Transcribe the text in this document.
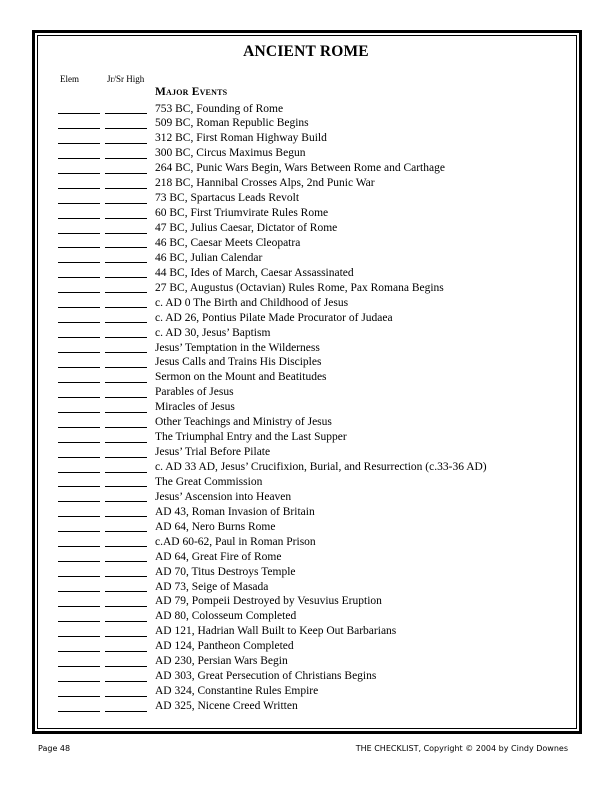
ANCIENT ROME
Elem	Jr/Sr High
Major Events
753 BC, Founding of Rome
509 BC, Roman Republic Begins
312 BC, First Roman Highway Build
300 BC, Circus Maximus Begun
264 BC, Punic Wars Begin, Wars Between Rome and Carthage
218 BC, Hannibal Crosses Alps, 2nd Punic War
73 BC, Spartacus Leads Revolt
60 BC, First Triumvirate Rules Rome
47 BC, Julius Caesar, Dictator of Rome
46 BC, Caesar Meets Cleopatra
46 BC, Julian Calendar
44 BC, Ides of March, Caesar Assassinated
27 BC, Augustus (Octavian) Rules Rome, Pax Romana Begins
c. AD 0 The Birth and Childhood of Jesus
c. AD 26, Pontius Pilate Made Procurator of Judaea
c. AD 30, Jesus’ Baptism
Jesus’ Temptation in the Wilderness
Jesus Calls and Trains His Disciples
Sermon on the Mount and Beatitudes
Parables of Jesus
Miracles of Jesus
Other Teachings and Ministry of Jesus
The Triumphal Entry and the Last Supper
Jesus’ Trial Before Pilate
c. AD 33 AD, Jesus’ Crucifixion, Burial, and Resurrection (c.33-36 AD)
The Great Commission
Jesus’ Ascension into Heaven
AD 43, Roman Invasion of Britain
AD 64, Nero Burns Rome
c.AD 60-62, Paul in Roman Prison
AD 64, Great Fire of Rome
AD 70, Titus Destroys Temple
AD 73, Seige of Masada
AD 79, Pompeii Destroyed by Vesuvius Eruption
AD 80, Colosseum Completed
AD 121, Hadrian Wall Built to Keep Out Barbarians
AD 124, Pantheon Completed
AD 230, Persian Wars Begin
AD 303, Great Persecution of Christians Begins
AD 324, Constantine Rules Empire
AD 325, Nicene Creed Written
Page 48	THE CHECKLIST, Copyright © 2004 by Cindy Downes
